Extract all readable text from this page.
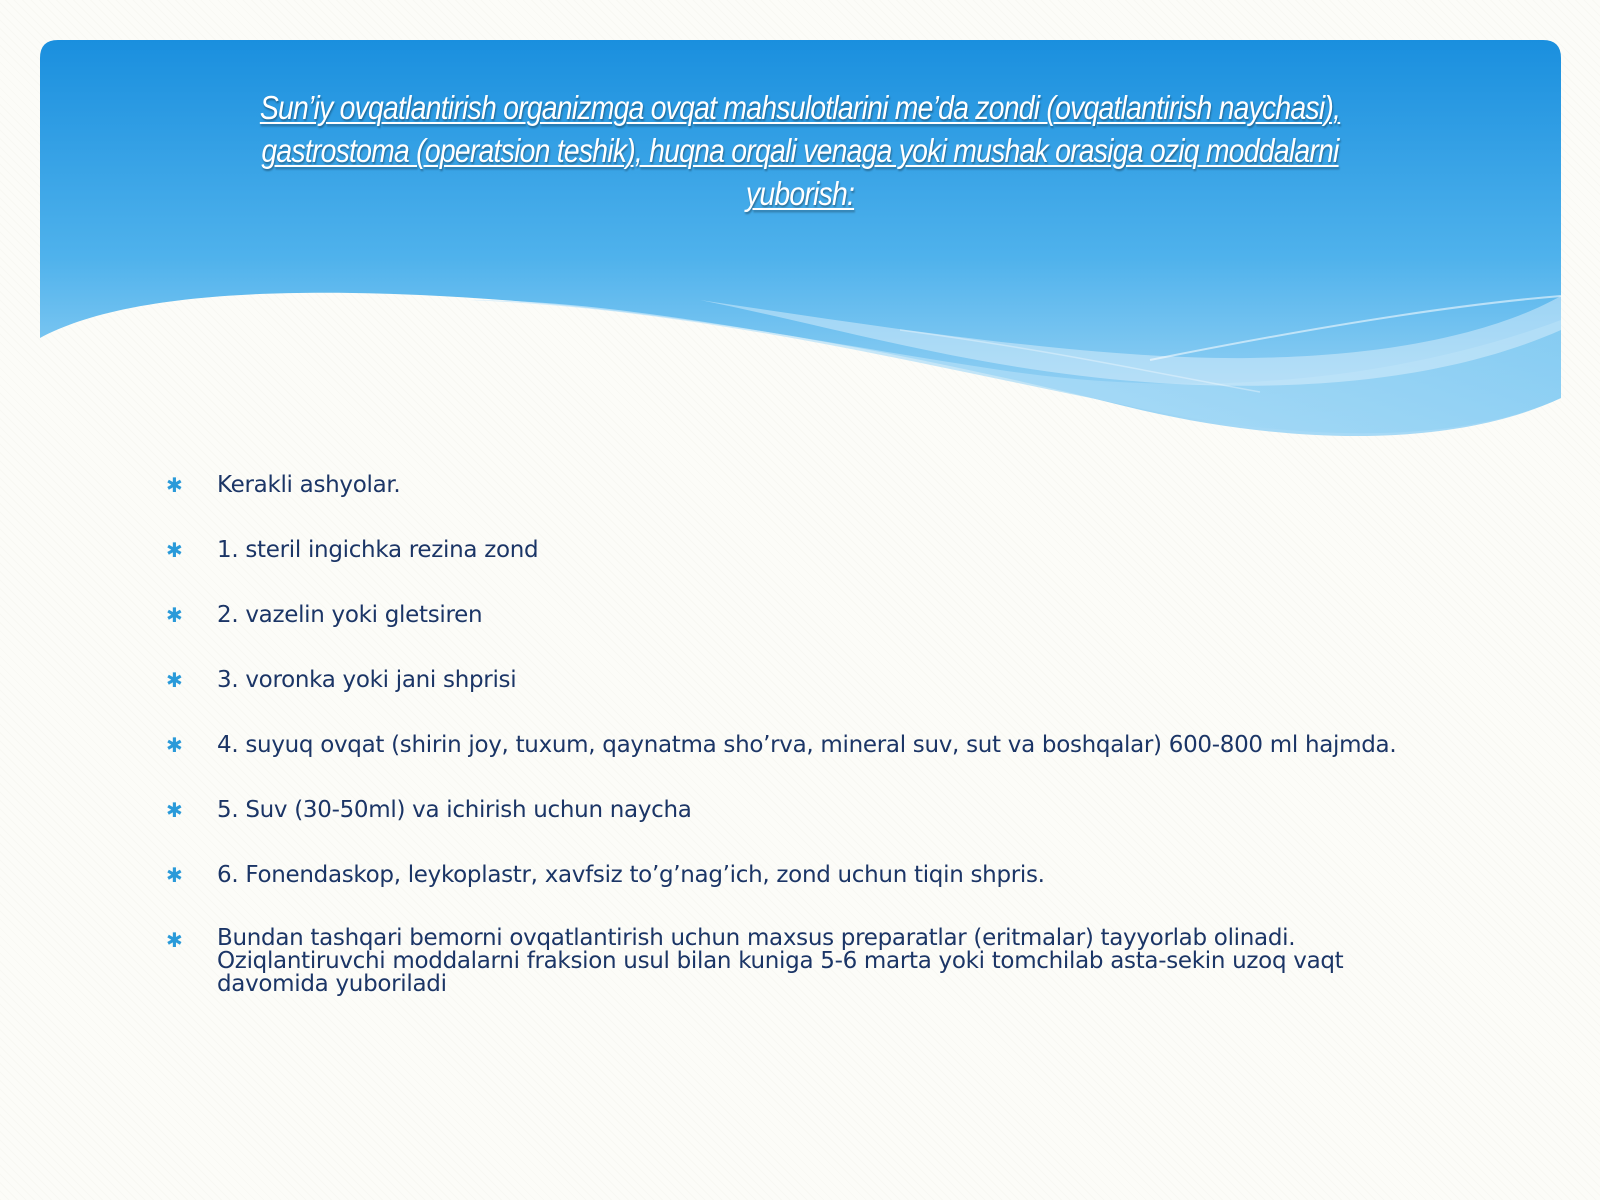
Sun’iy ovqatlantirish organizmga ovqat mahsulotlarini me’da zondi (ovqatlantirish naychasi), gastrostoma (operatsion teshik), huqna orqali venaga yoki mushak orasiga oziq moddalarni yuborish:
✱ Kerakli ashyolar.
✱ 1. steril ingichka rezina zond
✱ 2. vazelin yoki gletsiren
✱ 3. voronka yoki jani shprisi
✱ 4. suyuq ovqat (shirin joy, tuxum, qaynatma sho’rva, mineral suv, sut va boshqalar) 600-800 ml hajmda.
✱ 5. Suv (30-50ml) va ichirish uchun naycha
✱ 6. Fonendaskop, leykoplastr, xavfsiz to’g’nag’ich, zond uchun tiqin shpris.
✱ Bundan tashqari bemorni ovqatlantirish uchun maxsus preparatlar (eritmalar) tayyorlab olinadi. Oziqlantiruvchi moddalarni fraksion usul bilan kuniga 5-6 marta yoki tomchilab asta-sekin uzoq vaqt davomida yuboriladi
